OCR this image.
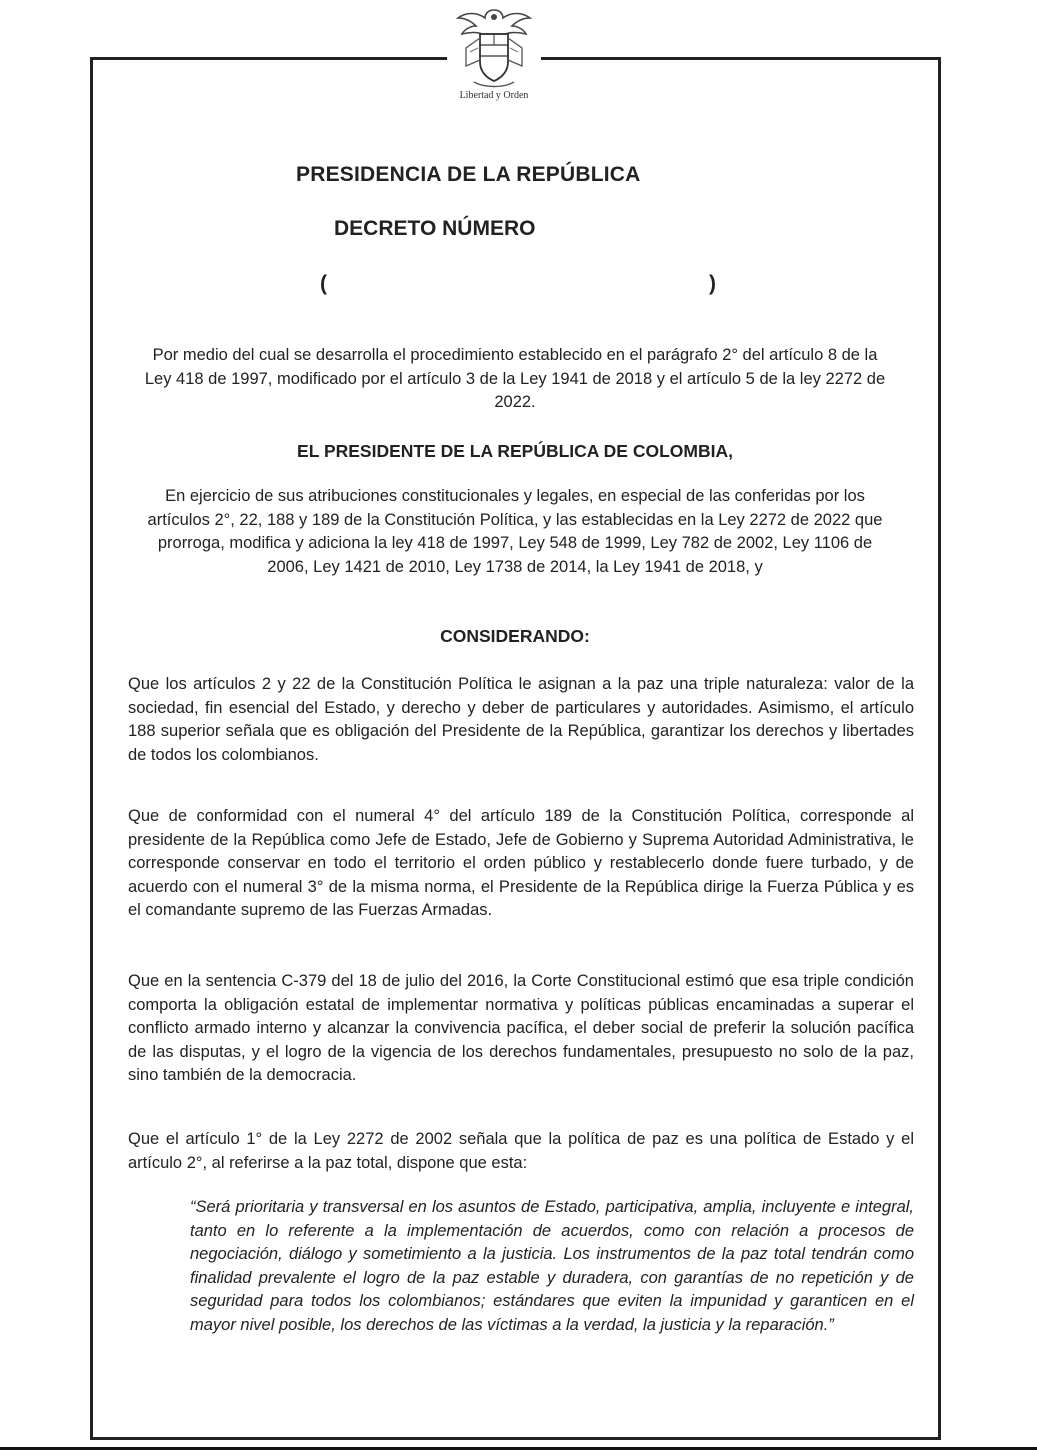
Libertad y Orden
PRESIDENCIA DE LA REPÚBLICA
DECRETO NÚMERO
(	)
Por medio del cual se desarrolla el procedimiento establecido en el parágrafo 2° del artículo 8 de la Ley 418 de 1997, modificado por el artículo 3 de la Ley 1941 de 2018 y el artículo 5 de la ley 2272 de 2022.
EL PRESIDENTE DE LA REPÚBLICA DE COLOMBIA,
En ejercicio de sus atribuciones constitucionales y legales, en especial de las conferidas por los artículos 2°, 22, 188 y 189 de la Constitución Política, y las establecidas en la Ley 2272 de 2022 que prorroga, modifica y adiciona la ley 418 de 1997, Ley 548 de 1999, Ley 782 de 2002, Ley 1106 de 2006, Ley 1421 de 2010, Ley 1738 de 2014, la Ley 1941 de 2018, y
CONSIDERANDO:
Que los artículos 2 y 22 de la Constitución Política le asignan a la paz una triple naturaleza: valor de la sociedad, fin esencial del Estado, y derecho y deber de particulares y autoridades. Asimismo, el artículo 188 superior señala que es obligación del Presidente de la República, garantizar los derechos y libertades de todos los colombianos.
Que de conformidad con el numeral 4° del artículo 189 de la Constitución Política, corresponde al presidente de la República como Jefe de Estado, Jefe de Gobierno y Suprema Autoridad Administrativa, le corresponde conservar en todo el territorio el orden público y restablecerlo donde fuere turbado, y de acuerdo con el numeral 3° de la misma norma, el Presidente de la República dirige la Fuerza Pública y es el comandante supremo de las Fuerzas Armadas.
Que en la sentencia C-379 del 18 de julio del 2016, la Corte Constitucional estimó que esa triple condición comporta la obligación estatal de implementar normativa y políticas públicas encaminadas a superar el conflicto armado interno y alcanzar la convivencia pacífica, el deber social de preferir la solución pacífica de las disputas, y el logro de la vigencia de los derechos fundamentales, presupuesto no solo de la paz, sino también de la democracia.
Que el artículo 1° de la Ley 2272 de 2002 señala que la política de paz es una política de Estado y el artículo 2°, al referirse a la paz total, dispone que esta:
“Será prioritaria y transversal en los asuntos de Estado, participativa, amplia, incluyente e integral, tanto en lo referente a la implementación de acuerdos, como con relación a procesos de negociación, diálogo y sometimiento a la justicia. Los instrumentos de la paz total tendrán como finalidad prevalente el logro de la paz estable y duradera, con garantías de no repetición y de seguridad para todos los colombianos; estándares que eviten la impunidad y garanticen en el mayor nivel posible, los derechos de las víctimas a la verdad, la justicia y la reparación.”
